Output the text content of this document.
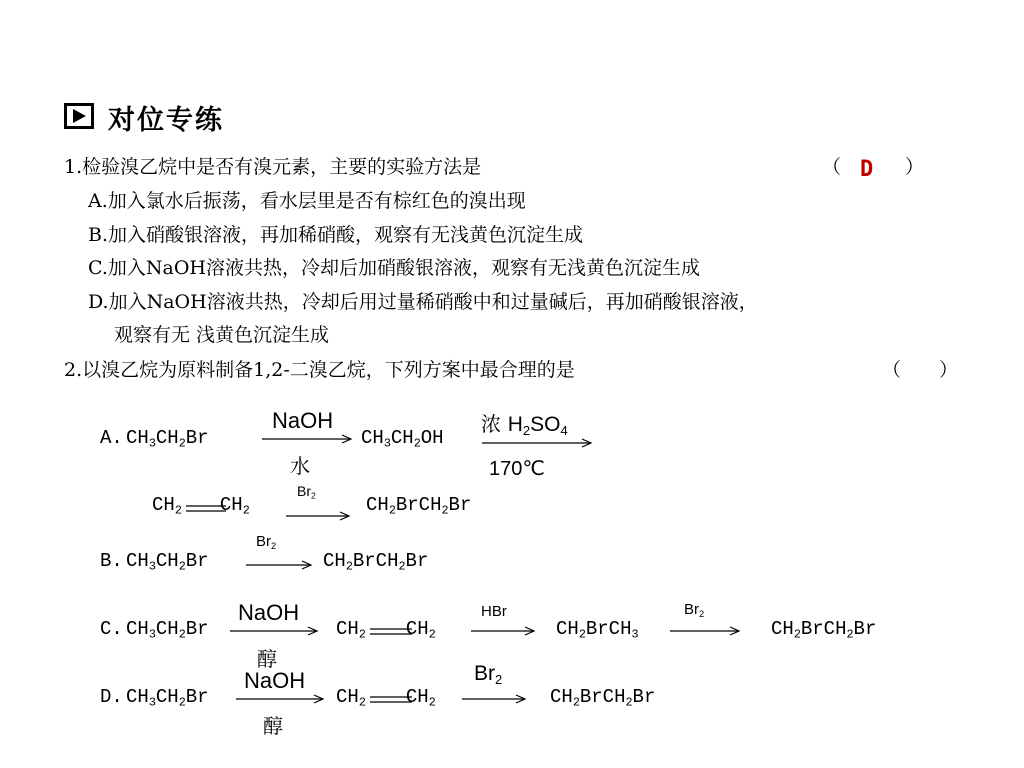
对位专练
1.检验溴乙烷中是否有溴元素，主要的实验方法是	（ D ）
A.加入氯水后振荡，看水层里是否有棕红色的溴出现
B.加入硝酸银溶液，再加稀硝酸，观察有无浅黄色沉淀生成
C.加入NaOH溶液共热，冷却后加硝酸银溶液，观察有无浅黄色沉淀生成
D.加入NaOH溶液共热，冷却后用过量稀硝酸中和过量碱后，再加硝酸银溶液，
观察有无 浅黄色沉淀生成
2.以溴乙烷为原料制备1,2-二溴乙烷，下列方案中最合理的是	（　　）
A. $CH_3CH_2Br$
NaOH
水
$CH_3CH_2OH$
浓 $H_2SO_4$
170℃
$CH_2$ $CH_2$
$Br_2$	$CH_2BrCH_2Br$
B. $CH_3CH_2Br$
$Br_2$
$CH_2BrCH_2Br$
C. $CH_3CH_2Br$
NaOH
醇
$CH_2$ $CH_2$
HBr
$CH_2BrCH_3$
$Br_2$
$CH_2BrCH_2Br$
D. $CH_3CH_2Br$
NaOH
醇
$CH_2$ $CH_2$
$Br_2$
$CH_2BrCH_2Br$
